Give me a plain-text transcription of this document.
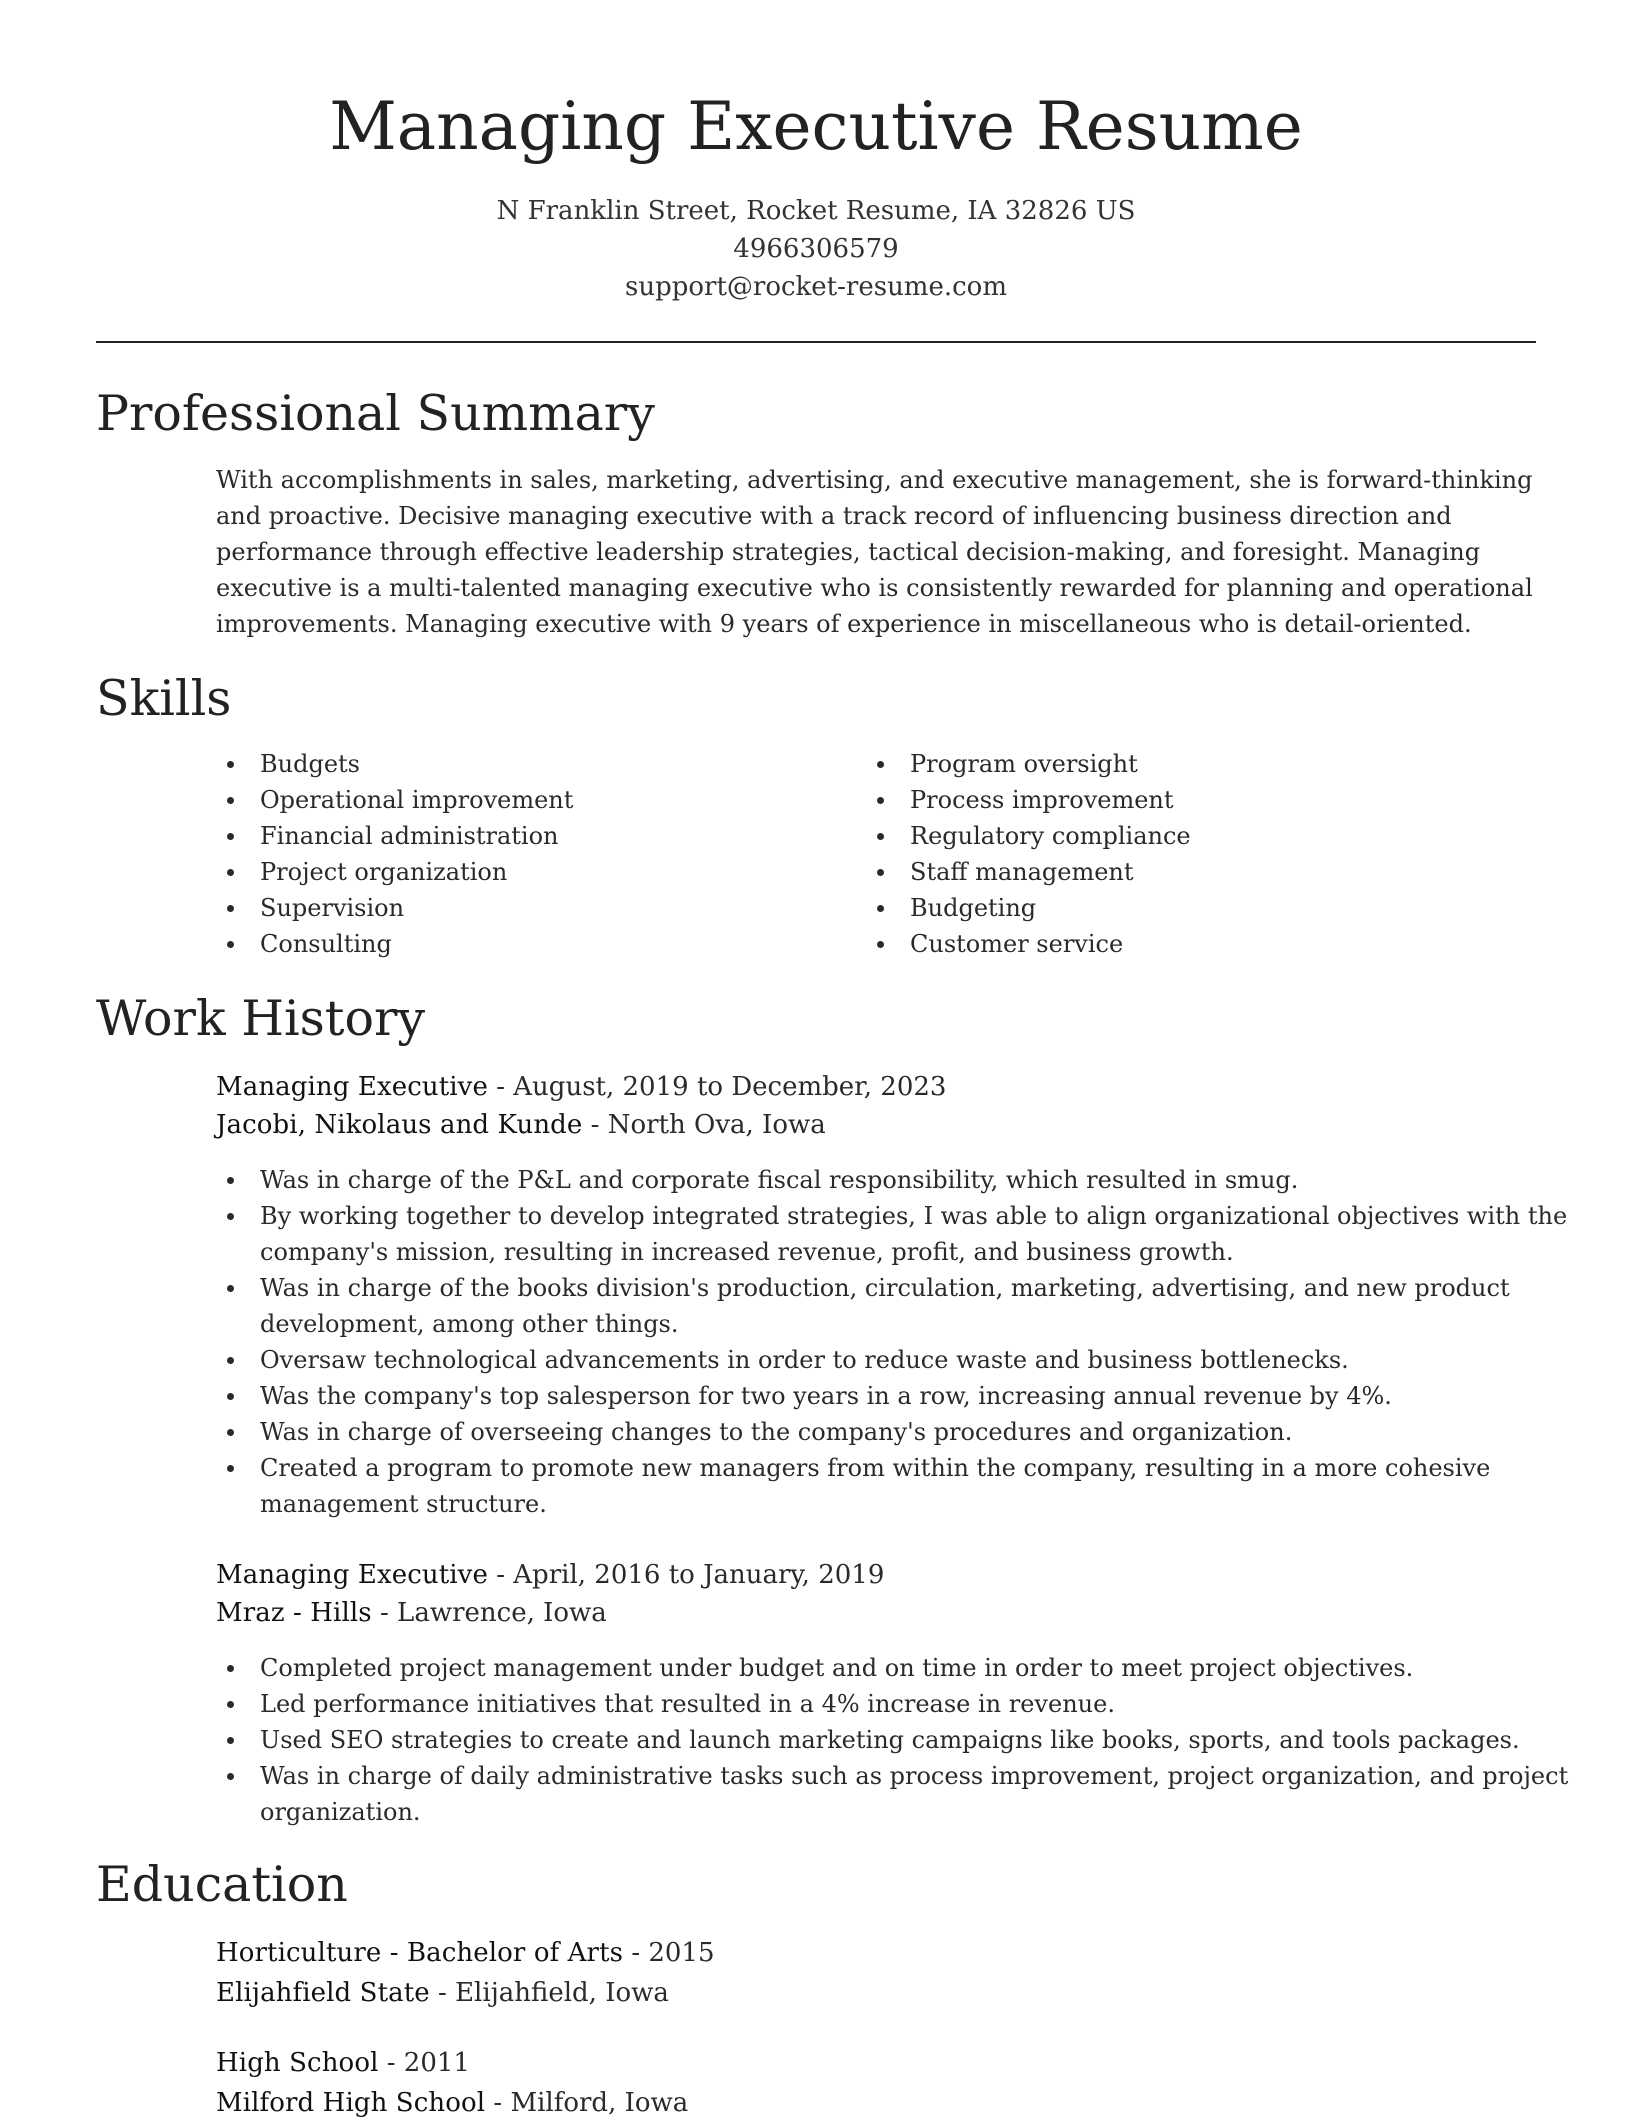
Managing Executive Resume
N Franklin Street, Rocket Resume, IA 32826 US
4966306579
support@rocket-resume.com
Professional Summary
With accomplishments in sales, marketing, advertising, and executive management, she is forward-thinking
and proactive. Decisive managing executive with a track record of influencing business direction and
performance through effective leadership strategies, tactical decision-making, and foresight. Managing
executive is a multi-talented managing executive who is consistently rewarded for planning and operational
improvements. Managing executive with 9 years of experience in miscellaneous who is detail-oriented.
Skills
Budgets
Operational improvement
Financial administration
Project organization
Supervision
Consulting
Program oversight
Process improvement
Regulatory compliance
Staff management
Budgeting
Customer service
Work History
Managing Executive - August, 2019 to December, 2023
Jacobi, Nikolaus and Kunde - North Ova, Iowa
Was in charge of the P&L and corporate fiscal responsibility, which resulted in smug.
By working together to develop integrated strategies, I was able to align organizational objectives with the
company's mission, resulting in increased revenue, profit, and business growth.
Was in charge of the books division's production, circulation, marketing, advertising, and new product
development, among other things.
Oversaw technological advancements in order to reduce waste and business bottlenecks.
Was the company's top salesperson for two years in a row, increasing annual revenue by 4%.
Was in charge of overseeing changes to the company's procedures and organization.
Created a program to promote new managers from within the company, resulting in a more cohesive
management structure.
Managing Executive - April, 2016 to January, 2019
Mraz - Hills - Lawrence, Iowa
Completed project management under budget and on time in order to meet project objectives.
Led performance initiatives that resulted in a 4% increase in revenue.
Used SEO strategies to create and launch marketing campaigns like books, sports, and tools packages.
Was in charge of daily administrative tasks such as process improvement, project organization, and project
organization.
Education
Horticulture - Bachelor of Arts - 2015
Elijahfield State - Elijahfield, Iowa
High School - 2011
Milford High School - Milford, Iowa
